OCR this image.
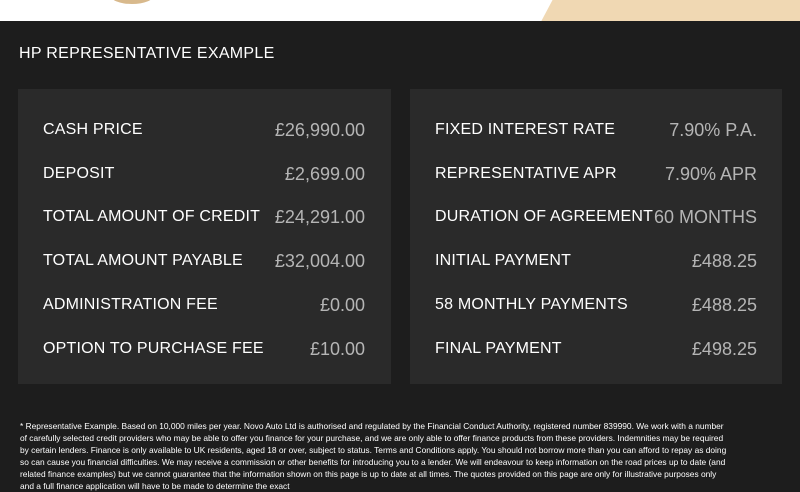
HP REPRESENTATIVE EXAMPLE
CASH PRICE	£26,990.00
DEPOSIT	£2,699.00
TOTAL AMOUNT OF CREDIT £24,291.00
TOTAL AMOUNT PAYABLE £32,004.00
ADMINISTRATION FEE	£0.00
OPTION TO PURCHASE FEE	£10.00
FIXED INTEREST RATE	7.90% P.A.
REPRESENTATIVE APR	7.90% APR
DURATION OF AGREEMENT 60 MONTHS
INITIAL PAYMENT	£488.25
58 MONTHLY PAYMENTS	£488.25
FINAL PAYMENT	£498.25

* Representative Example. Based on 10,000 miles per year. Novo Auto Ltd is authorised and regulated by the Financial Conduct Authority, registered number 839990. We work with a number of carefully selected credit providers who may be able to offer you finance for your purchase, and we are only able to offer finance products from these providers. Indemnities may be required by certain lenders. Finance is only available to UK residents, aged 18 or over, subject to status. Terms and Conditions apply. You should not borrow more than you can afford to repay as doing so can cause you financial difficulties. We may receive a commission or other benefits for introducing you to a lender. We will endeavour to keep information on the road prices up to date (and related finance examples) but we cannot guarantee that the information shown on this page is up to date at all times. The quotes provided on this page are only for illustrative purposes only and a full finance application will have to be made to determine the exact
